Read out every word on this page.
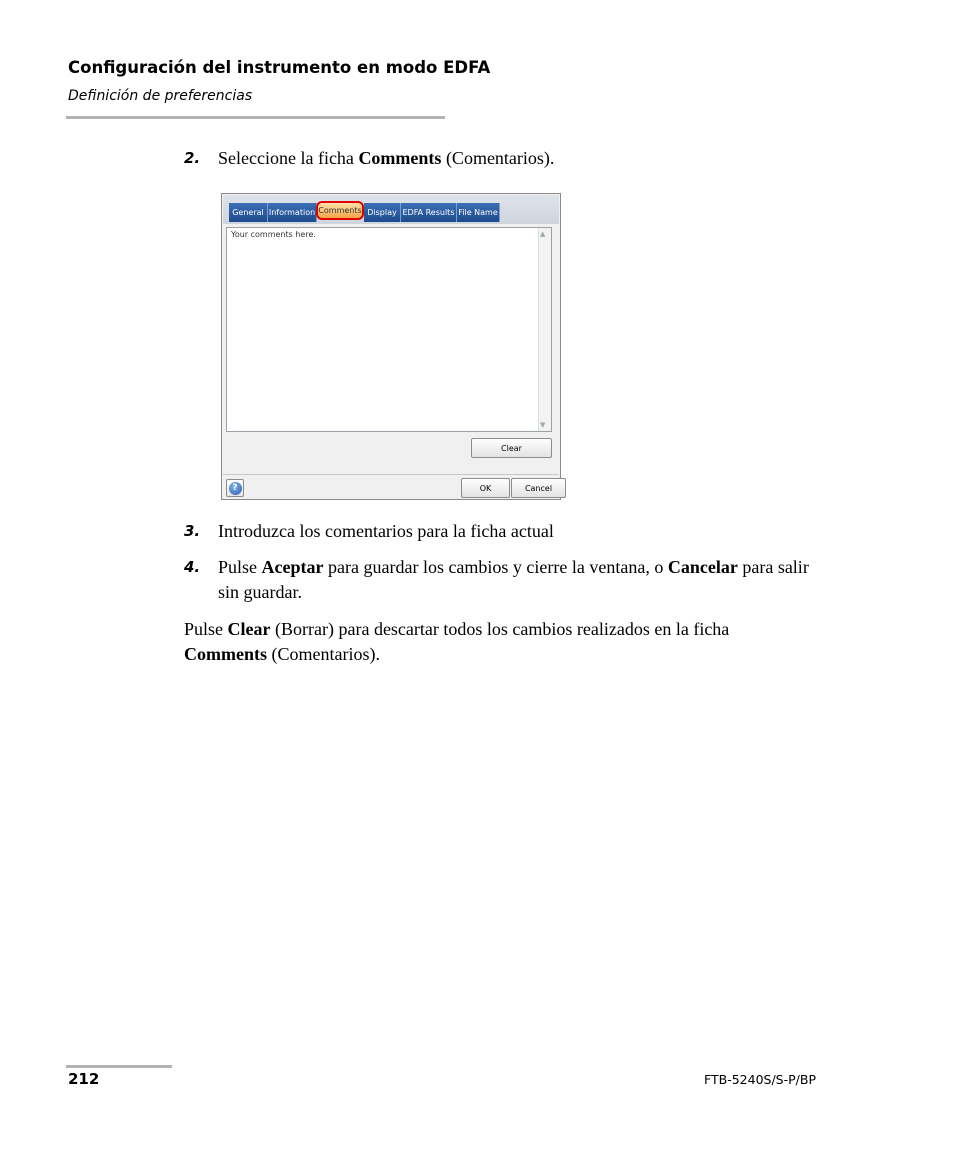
Configuración del instrumento en modo EDFA
Definición de preferencias
2. Seleccione la ficha Comments (Comentarios).
General Information Comments Display EDFA Results File Name
Your comments here.	▲
▼
Clear
?	OK	Cancel
3. Introduzca los comentarios para la ficha actual
4. Pulse Aceptar para guardar los cambios y cierre la ventana, o Cancelar para salir sin guardar.
Pulse Clear (Borrar) para descartar todos los cambios realizados en la ficha Comments (Comentarios).
212	FTB-5240S/S-P/BP
